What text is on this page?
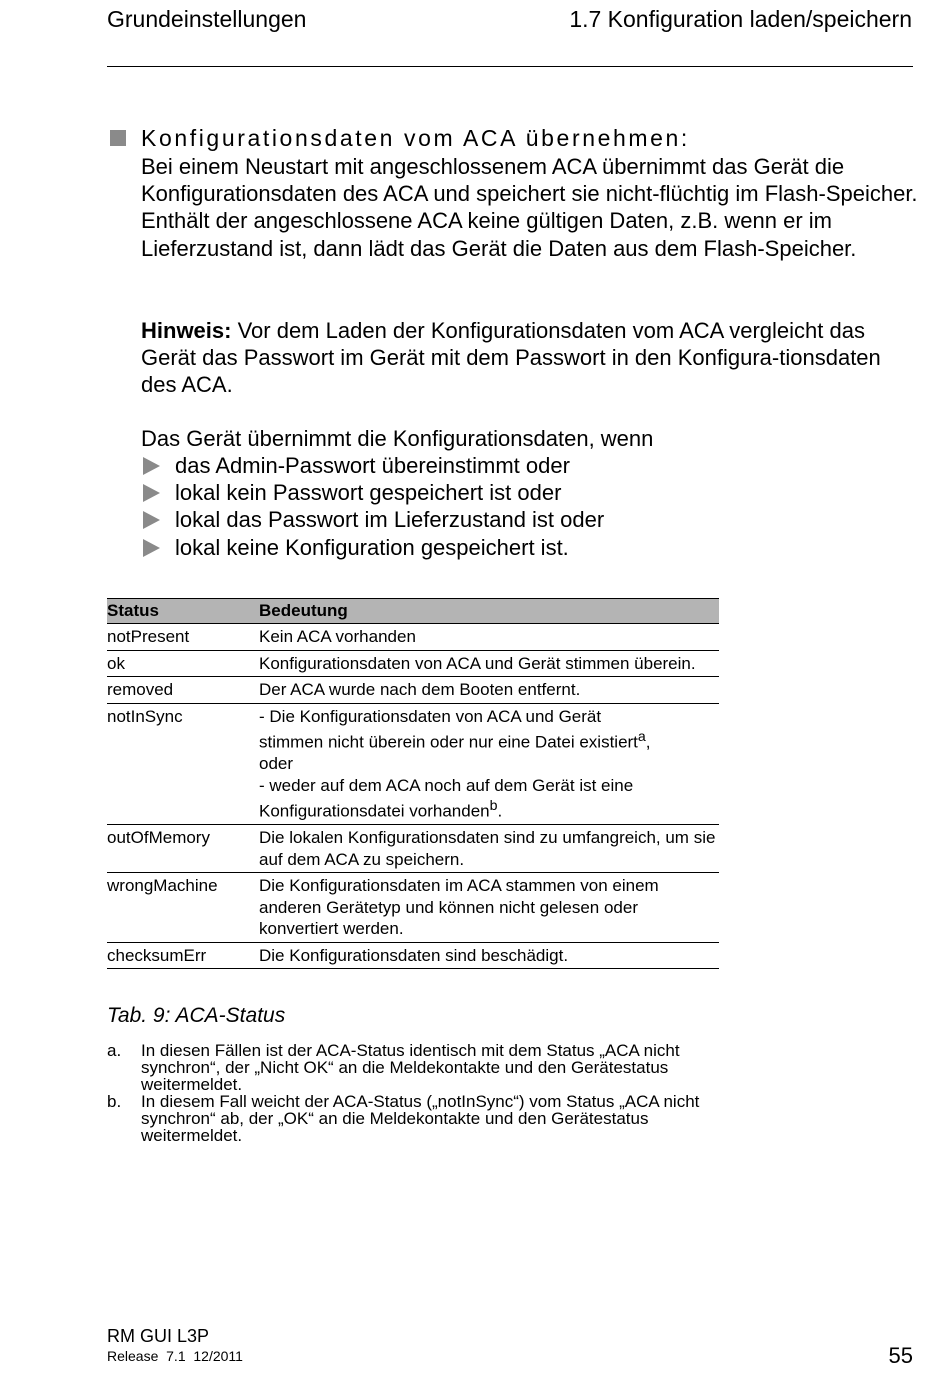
Grundeinstellungen	1.7 Konfiguration laden/speichern
Konfigurationsdaten vom ACA übernehmen:
Bei einem Neustart mit angeschlossenem ACA übernimmt das Gerät die Konfigurationsdaten des ACA und speichert sie nicht-flüchtig im Flash-Speicher. Enthält der angeschlossene ACA keine gültigen Daten, z.B. wenn er im Lieferzustand ist, dann lädt das Gerät die Daten aus dem Flash-Speicher.
Hinweis: Vor dem Laden der Konfigurationsdaten vom ACA vergleicht das Gerät das Passwort im Gerät mit dem Passwort in den Konfigura-tionsdaten des ACA.
Das Gerät übernimmt die Konfigurationsdaten, wenn
das Admin-Passwort übereinstimmt oder
lokal kein Passwort gespeichert ist oder
lokal das Passwort im Lieferzustand ist oder
lokal keine Konfiguration gespeichert ist.
Status	Bedeutung
notPresent	Kein ACA vorhanden
ok	Konfigurationsdaten von ACA und Gerät stimmen überein.
removed	Der ACA wurde nach dem Booten entfernt.
notInSync	- Die Konfigurationsdaten von ACA und Gerät
stimmen nicht überein oder nur eine Datei existiert$^a$,
oder
- weder auf dem ACA noch auf dem Gerät ist eine
Konfigurationsdatei vorhanden$^b$.

outOfMemory	Die lokalen Konfigurationsdaten sind zu umfangreich, um sie auf dem ACA zu speichern.
wrongMachine	Die Konfigurationsdaten im ACA stammen von einem anderen Gerätetyp und können nicht gelesen oder konvertiert werden.
checksumErr	Die Konfigurationsdaten sind beschädigt.
Tab. 9: ACA-Status
a. In diesen Fällen ist der ACA-Status identisch mit dem Status „ACA nicht synchron“, der „Nicht OK“ an die Meldekontakte und den Gerätestatus weitermeldet.
b. In diesem Fall weicht der ACA-Status („notInSync“) vom Status „ACA nicht synchron“ ab, der „OK“ an die Meldekontakte und den Gerätestatus weitermeldet.
RM GUI L3P
Release  7.1  12/2011	55
